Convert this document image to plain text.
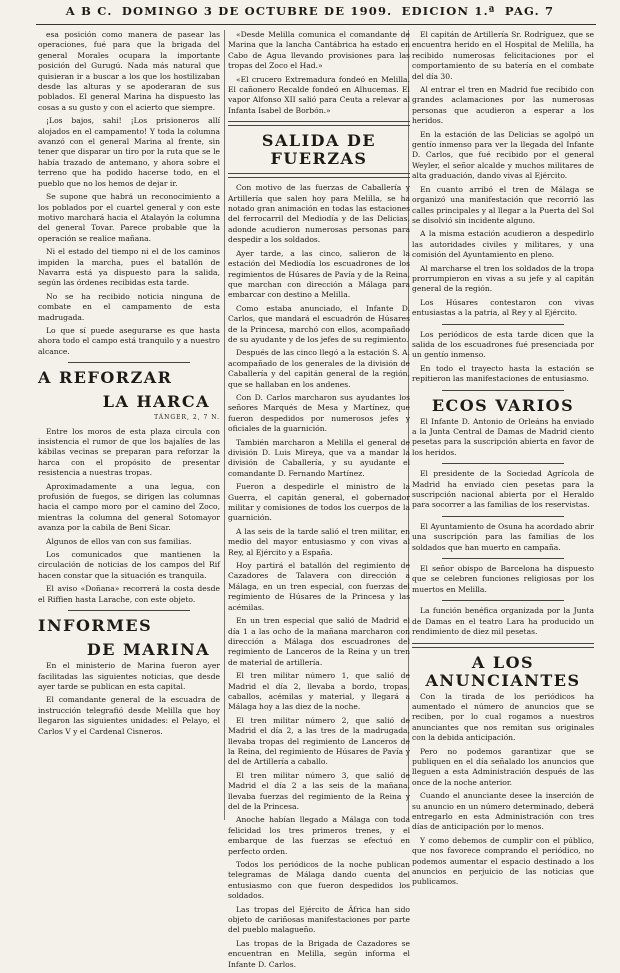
A B C. DOMINGO 3 DE OCTUBRE DE 1909. EDICION 1.ª PAG. 7

esa posición como manera de pasear las operaciones, fué para que la brigada del general Morales ocupara la importante posición del Gurugú. Nada más natural que quisieran ir a buscar a los que los hostilizaban desde las alturas y se apoderaran de sus poblados. El general Marina ha dispuesto las cosas a su gusto y con el acierto que siempre.

¡Los bajos, sahi! ¡Los prisioneros allí alojados en el campamento! Y toda la columna avanzó con el general Marina al frente, sin tener que disparar un tiro por la ruta que se le había trazado de antemano, y ahora sobre el terreno que ha podido hacerse todo, en el pueblo que no los hemos de dejar ir.

Se supone que habrá un reconocimiento a los poblados por el cuartel general y con este motivo marchará hacia el Atalayón la columna del general Tovar. Parece probable que la operación se realice mañana.

Ni el estado del tiempo ni el de los caminos impiden la marcha, pues el batallón de Navarra está ya dispuesto para la salida, según las órdenes recibidas esta tarde.

No se ha recibido noticia ninguna de combate en el campamento de esta madrugada.

Lo que sí puede asegurarse es que hasta ahora todo el campo está tranquilo y a nuestro alcance.

A REFORZAR
LA HARCA
TÁNGER, 2, 7 N.

Entre los moros de esta plaza circula con insistencia el rumor de que los bajalíes de las kábilas vecinas se preparan para reforzar la harca con el propósito de presentar resistencia a nuestras tropas.

Aproximadamente a una legua, con profusión de fuegos, se dirigen las columnas hacia el campo moro por el camino del Zoco, mientras la columna del general Sotomayor avanza por la cabila de Beni Sicar.

Algunos de ellos van con sus familias.

Los comunicados que mantienen la circulación de noticias de los campos del Rif hacen constar que la situación es tranquila.

El aviso «Doñana» recorrerá la costa desde el Riffien hasta Larache, con este objeto.

INFORMES
DE MARINA

En el ministerio de Marina fueron ayer facilitadas las siguientes noticias, que desde ayer tarde se publican en esta capital.

El comandante general de la escuadra de instrucción telegrafió desde Melilla que hoy llegaron las siguientes unidades: el Pelayo, el Carlos V y el Cardenal Cisneros.

«Desde Melilla comunica el comandante de Marina que la lancha Cantábrica ha estado en Cabo de Agua llevando provisiones para las tropas del Zoco el Had.»

«El crucero Extremadura fondeó en Melilla. El cañonero Recalde fondeó en Alhucemas. El vapor Alfonso XII salió para Ceuta a relevar al Infanta Isabel de Borbón.»

SALIDA DE FUERZAS

Con motivo de las fuerzas de Caballería y Artillería que salen hoy para Melilla, se ha notado gran animación en todas las estaciones del ferrocarril del Mediodía y de las Delicias, adonde acudieron numerosas personas para despedir a los soldados.

Ayer tarde, a las cinco, salieron de la estación del Mediodía los escuadrones de los regimientos de Húsares de Pavía y de la Reina, que marchan con dirección a Málaga para embarcar con destino a Melilla.

Como estaba anunciado, el Infante D. Carlos, que mandará el escuadrón de Húsares de la Princesa, marchó con ellos, acompañado de su ayudante y de los jefes de su regimiento.

Después de las cinco llegó a la estación S. A. acompañado de los generales de la división de Caballería y del capitán general de la región, que se hallaban en los andenes.

Con D. Carlos marcharon sus ayudantes los señores Marqués de Mesa y Martínez, que fueron despedidos por numerosos jefes y oficiales de la guarnición.

También marcharon a Melilla el general de división D. Luis Mireya, que va a mandar la división de Caballería, y su ayudante el comandante D. Fernando Martínez.

Fueron a despedirle el ministro de la Guerra, el capitán general, el gobernador militar y comisiones de todos los cuerpos de la guarnición.

A las seis de la tarde salió el tren militar, en medio del mayor entusiasmo y con vivas al Rey, al Ejército y a España.

Hoy partirá el batallón del regimiento de Cazadores de Talavera con dirección a Málaga, en un tren especial, con fuerzas del regimiento de Húsares de la Princesa y las acémilas.

En un tren especial que salió de Madrid el día 1 a las ocho de la mañana marcharon con dirección a Málaga dos escuadrones del regimiento de Lanceros de la Reina y un tren de material de artillería.

El tren militar número 1, que salió de Madrid el día 2, llevaba a bordo, tropas, caballos, acémilas y material, y llegará a Málaga hoy a las diez de la noche.

El tren militar número 2, que salió de Madrid el día 2, a las tres de la madrugada, llevaba tropas del regimiento de Lanceros de la Reina, del regimiento de Húsares de Pavía y del de Artillería a caballo.

El tren militar número 3, que salió de Madrid el día 2 a las seis de la mañana, llevaba fuerzas del regimiento de la Reina y del de la Princesa.

Anoche habían llegado a Málaga con toda felicidad los tres primeros trenes, y el embarque de las fuerzas se efectuó en perfecto orden.

Todos los periódicos de la noche publican telegramas de Málaga dando cuenta del entusiasmo con que fueron despedidos los soldados.

Las tropas del Ejército de África han sido objeto de cariñosas manifestaciones por parte del pueblo malagueño.

Las tropas de la Brigada de Cazadores se encuentran en Melilla, según informa el Infante D. Carlos.

El capitán de Artillería Sr. Rodríguez, que se encuentra herido en el Hospital de Melilla, ha recibido numerosas felicitaciones por el comportamiento de su batería en el combate del día 30.

Al entrar el tren en Madrid fue recibido con grandes aclamaciones por las numerosas personas que acudieron a esperar a los heridos.

En la estación de las Delicias se agolpó un gentío inmenso para ver la llegada del Infante D. Carlos, que fué recibido por el general Weyler, el señor alcalde y muchos militares de alta graduación, dando vivas al Ejército.

En cuanto arribó el tren de Málaga se organizó una manifestación que recorrió las calles principales y al llegar a la Puerta del Sol se disolvió sin incidente alguno.

A la misma estación acudieron a despedirlo las autoridades civiles y militares, y una comisión del Ayuntamiento en pleno.

Al marcharse el tren los soldados de la tropa prorrumpieron en vivas a su jefe y al capitán general de la región.

Los Húsares contestaron con vivas entusiastas a la patria, al Rey y al Ejército.

Los periódicos de esta tarde dicen que la salida de los escuadrones fué presenciada por un gentío inmenso.

En todo el trayecto hasta la estación se repitieron las manifestaciones de entusiasmo.

ECOS VARIOS

El Infante D. Antonio de Orleáns ha enviado a la Junta Central de Damas de Madrid ciento pesetas para la suscripción abierta en favor de los heridos.

El presidente de la Sociedad Agrícola de Madrid ha enviado cien pesetas para la suscripción nacional abierta por el Heraldo para socorrer a las familias de los reservistas.

El Ayuntamiento de Osuna ha acordado abrir una suscripción para las familias de los soldados que han muerto en campaña.

El señor obispo de Barcelona ha dispuesto que se celebren funciones religiosas por los muertos en Melilla.

La función benéfica organizada por la Junta de Damas en el teatro Lara ha producido un rendimiento de diez mil pesetas.

A LOS ANUNCIANTES

Con la tirada de los periódicos ha aumentado el número de anuncios que se reciben, por lo cual rogamos a nuestros anunciantes que nos remitan sus originales con la debida anticipación.

Pero no podemos garantizar que se publiquen en el día señalado los anuncios que lleguen a esta Administración después de las once de la noche anterior.

Cuando el anunciante desee la inserción de su anuncio en un número determinado, deberá entregarlo en esta Administración con tres días de anticipación por lo menos.

Y como debemos de cumplir con el público, que nos favorece comprando el periódico, no podemos aumentar el espacio destinado a los anuncios en perjuicio de las noticias que publicamos.
